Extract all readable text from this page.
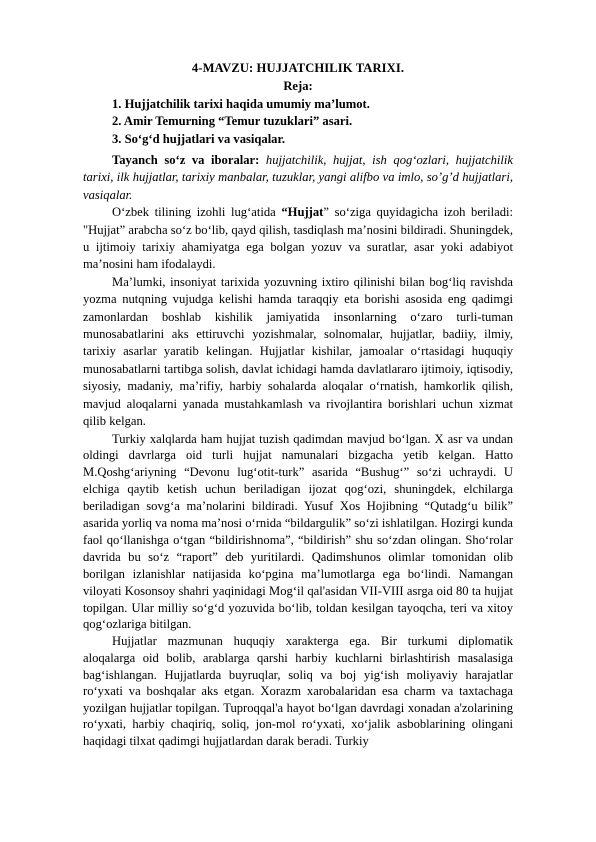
4-MAVZU: HUJJATCHILIK TARIXI.
Reja:
1. Hujjatchilik tarixi haqida umumiy ma’lumot.
2. Amir Temurning “Temur tuzuklari” asari.
3. So‘g‘d hujjatlari va vasiqalar.

Tayanch so‘z va iboralar: hujjatchilik, hujjat, ish qog‘ozlari, hujjatchilik tarixi, ilk hujjatlar, tarixiy manbalar, tuzuklar, yangi alifbo va imlo, so’g’d hujjatlari, vasiqalar.

O‘zbek tilining izohli lug‘atida “Hujjat” so‘ziga quyidagicha izoh beriladi: "Hujjat” arabcha so‘z bo‘lib, qayd qilish, tasdiqlash ma’nosini bildiradi. Shuningdek, u ijtimoiy tarixiy ahamiyatga ega bolgan yozuv va suratlar, asar yoki adabiyot ma’nosini ham ifodalaydi.

Ma’lumki, insoniyat tarixida yozuvning ixtiro qilinishi bilan bog‘liq ravishda yozma nutqning vujudga kelishi hamda taraqqiy eta borishi asosida eng qadimgi zamonlardan boshlab kishilik jamiyatida insonlarning o‘zaro turli-tuman munosabatlarini aks ettiruvchi yozishmalar, solnomalar, hujjatlar, badiiy, ilmiy, tarixiy asarlar yaratib kelingan. Hujjatlar kishilar, jamoalar o‘rtasidagi huquqiy munosabatlarni tartibga solish, davlat ichidagi hamda davlatlararo ijtimoiy, iqtisodiy, siyosiy, madaniy, ma’rifiy, harbiy sohalarda aloqalar o‘rnatish, hamkorlik qilish, mavjud aloqalarni yanada mustahkamlash va rivojlantira borishlari uchun xizmat qilib kelgan.

Turkiy xalqlarda ham hujjat tuzish qadimdan mavjud bo‘lgan. X asr va undan oldingi davrlarga oid turli hujjat namunalari bizgacha yetib kelgan. Hatto M.Qoshg‘ariyning “Devonu lug‘otit-turk” asarida “Bushug‘” so‘zi uchraydi. U elchiga qaytib ketish uchun beriladigan ijozat qog‘ozi, shuningdek, elchilarga beriladigan sovg‘a ma’nolarini bildiradi. Yusuf Xos Hojibning “Qutadg‘u bilik” asarida yorliq va noma ma’nosi o‘rnida “bildargulik” so‘zi ishlatilgan. Hozirgi kunda faol qo‘llanishga o‘tgan “bildirishnoma”, “bildirish” shu so‘zdan olingan. Sho‘rolar davrida bu so‘z “raport” deb yuritilardi. Qadimshunos olimlar tomonidan olib borilgan izlanishlar natijasida ko‘pgina ma’lumotlarga ega bo‘lindi. Namangan viloyati Kosonsoy shahri yaqinidagi Mog‘il qal'asidan VII-VIII asrga oid 80 ta hujjat topilgan. Ular milliy so‘g‘d yozuvida bo‘lib, toldan kesilgan tayoqcha, teri va xitoy qog‘ozlariga bitilgan.

Hujjatlar mazmunan huquqiy xarakterga ega. Bir turkumi diplomatik aloqalarga oid bolib, arablarga qarshi harbiy kuchlarni birlashtirish masalasiga bag‘ishlangan. Hujjatlarda buyruqlar, soliq va boj yig‘ish moliyaviy harajatlar ro‘yxati va boshqalar aks etgan. Xorazm xarobalaridan esa charm va taxtachaga yozilgan hujjatlar topilgan. Tuproqqal'a hayot bo‘lgan davrdagi xonadan a'zolarining ro‘yxati, harbiy chaqiriq, soliq, jon-mol ro‘yxati, xo‘jalik asboblarining olingani haqidagi tilxat qadimgi hujjatlardan darak beradi. Turkiy
